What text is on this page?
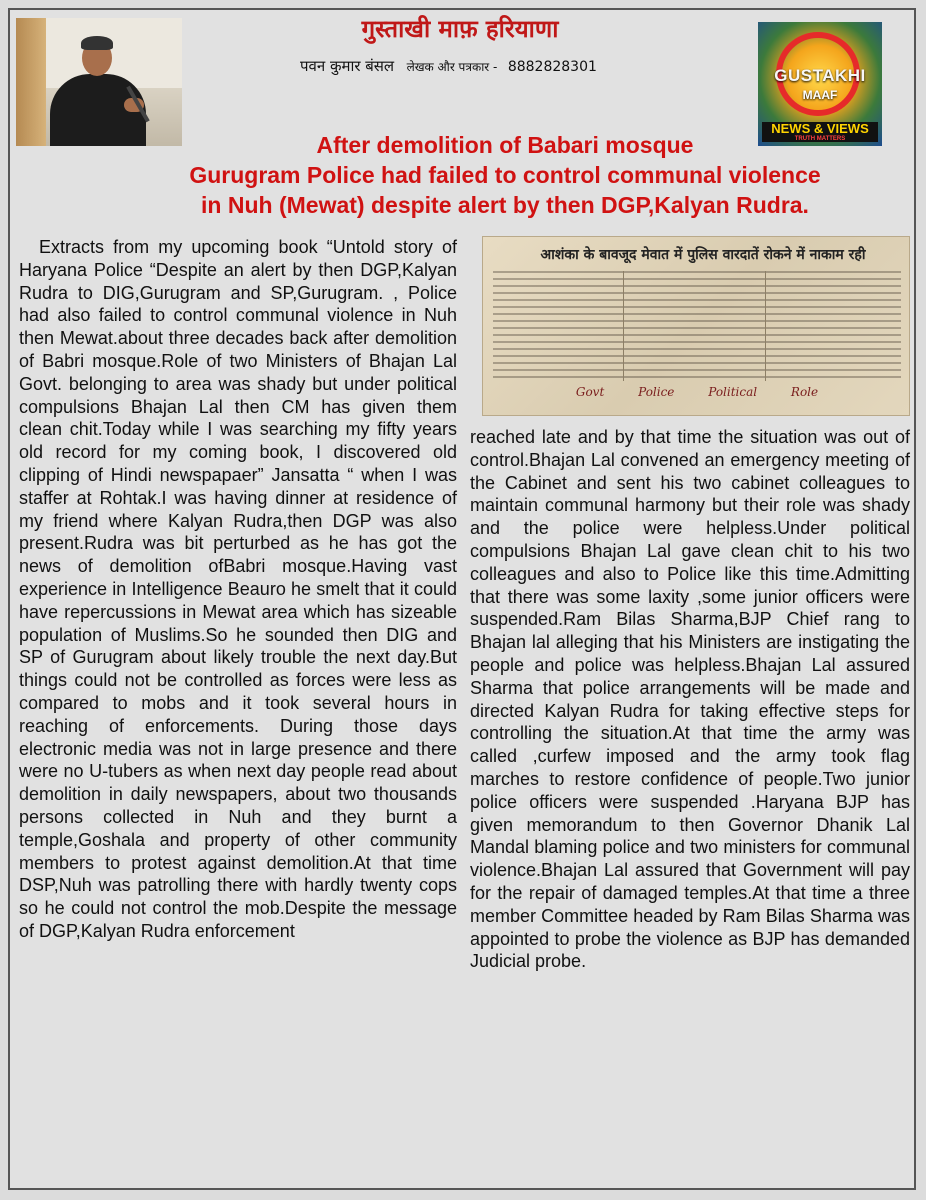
गुस्ताखी माफ़ हरियाणा
पवन कुमार बंसल लेखक और पत्रकार - 8882828301	GUSTAKHI
MAAF
NEWS & VIEWS
TRUTH MATTERS
After demolition of Babari mosque
Gurugram Police had failed to control communal violence
in Nuh (Mewat) despite alert by then DGP,Kalyan Rudra.

Extracts from my upcoming book “Untold story of Haryana Police “Despite an alert by then DGP,Kalyan Rudra to DIG,Gurugram and SP,Gurugram. , Police had also failed to control communal violence in Nuh then Mewat.about three decades back after demolition of Babri mosque.Role of two Ministers of Bhajan Lal Govt. belonging to area was shady but under political compulsions Bhajan Lal then CM has given them clean chit.Today while I was searching my fifty years old record for my coming book, I discovered old clipping of Hindi newspapaer” Jansatta “ when I was staffer at Rohtak.I was having dinner at residence of my friend where Kalyan Rudra,then DGP was also present.Rudra was bit perturbed as he has got the news of demolition ofBabri mosque.Having vast experience in Intelligence Beauro he smelt that it could have repercussions in Mewat area which has sizeable population of Muslims.So he sounded then DIG and SP of Gurugram about likely trouble the next day.But things could not be controlled as forces were less as compared to mobs and it took several hours in reaching of enforcements. During those days electronic media was not in large presence and there were no U-tubers as when next day people read about demolition in daily newspapers, about two thousands persons collected in Nuh and they burnt a temple,Goshala and property of other community members to protest against demolition.At that time DSP,Nuh was patrolling there with hardly twenty cops so he could not control the mob.Despite the message of DGP,Kalyan Rudra enforcement

आशंका के बावजूद मेवात में पुलिस वारदातें रोकने में नाकाम रही
Govt Police Political Role

reached late and by that time the situation was out of control.Bhajan Lal convened an emergency meeting of the Cabinet and sent his two cabinet colleagues to maintain communal harmony but their role was shady and the police were helpless.Under political compulsions Bhajan Lal gave clean chit to his two colleagues and also to Police like this time.Admitting that there was some laxity ,some junior officers were suspended.Ram Bilas Sharma,BJP Chief rang to Bhajan lal alleging that his Ministers are instigating the people and police was helpless.Bhajan Lal assured Sharma that police arrangements will be made and directed Kalyan Rudra for taking effective steps for controlling the situation.At that time the army was called ,curfew imposed and the army took flag marches to restore confidence of people.Two junior police officers were suspended .Haryana BJP has given memorandum to then Governor Dhanik Lal Mandal blaming police and two ministers for communal violence.Bhajan Lal assured that Government will pay for the repair of damaged temples.At that time a three member Committee headed by Ram Bilas Sharma was appointed to probe the violence as BJP has demanded Judicial probe.
